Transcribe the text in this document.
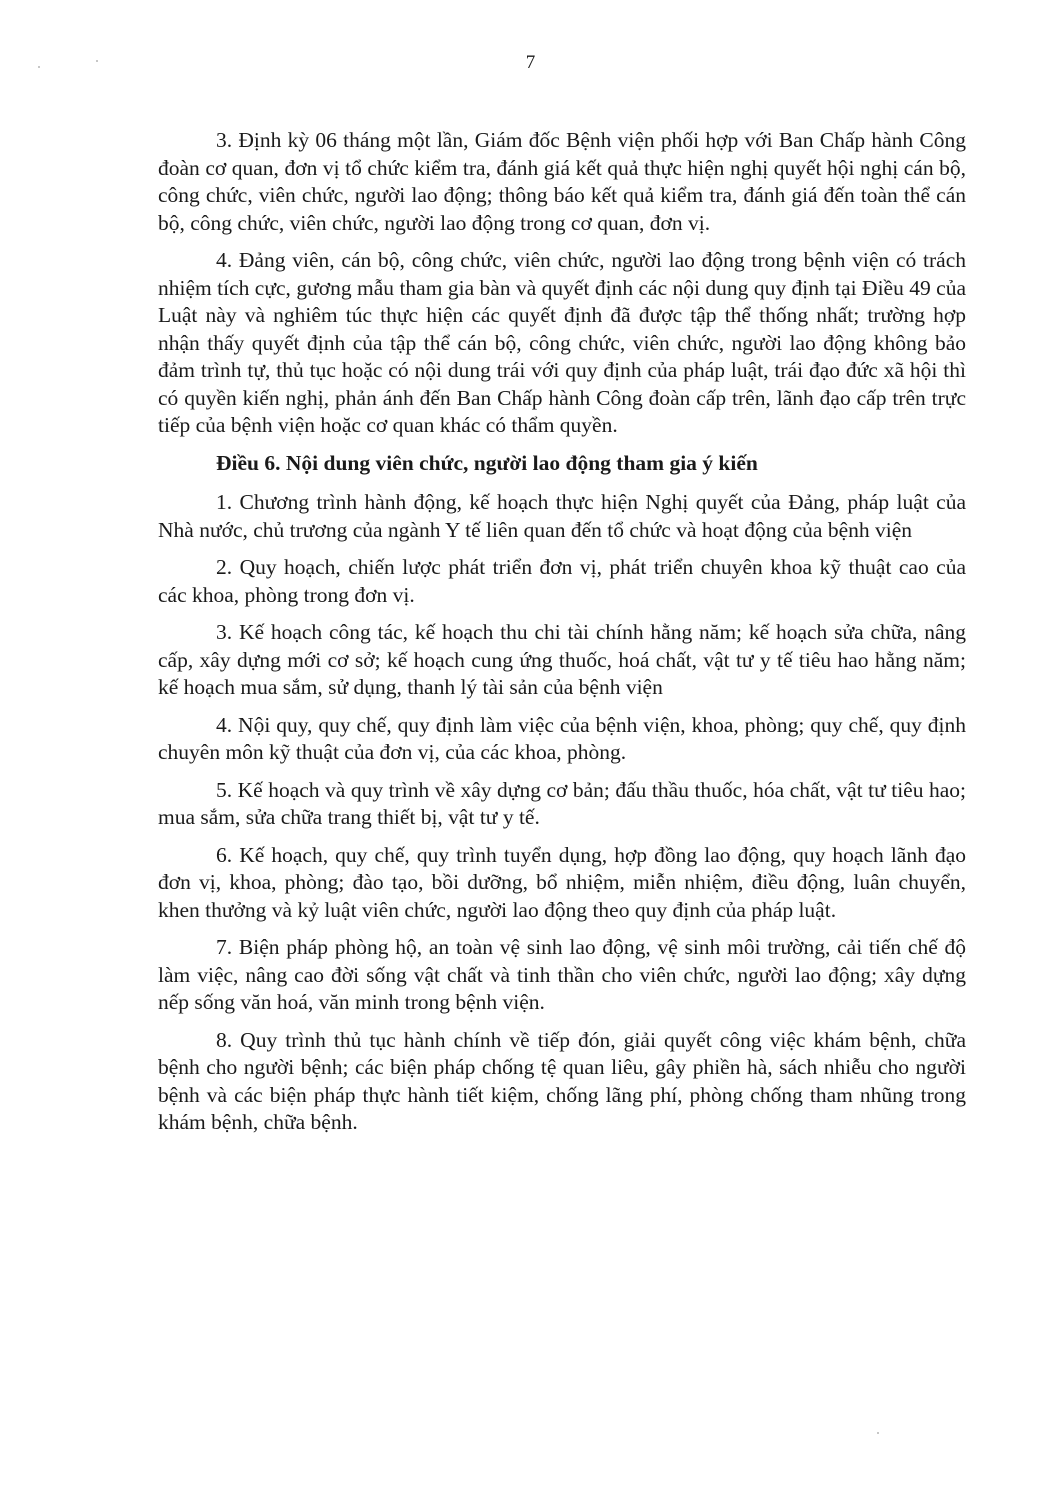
7

3. Định kỳ 06 tháng một lần, Giám đốc Bệnh viện phối hợp với Ban Chấp hành Công đoàn cơ quan, đơn vị tổ chức kiểm tra, đánh giá kết quả thực hiện nghị quyết hội nghị cán bộ, công chức, viên chức, người lao động; thông báo kết quả kiểm tra, đánh giá đến toàn thể cán bộ, công chức, viên chức, người lao động trong cơ quan, đơn vị.

4. Đảng viên, cán bộ, công chức, viên chức, người lao động trong bệnh viện có trách nhiệm tích cực, gương mẫu tham gia bàn và quyết định các nội dung quy định tại Điều 49 của Luật này và nghiêm túc thực hiện các quyết định đã được tập thể thống nhất; trường hợp nhận thấy quyết định của tập thể cán bộ, công chức, viên chức, người lao động không bảo đảm trình tự, thủ tục hoặc có nội dung trái với quy định của pháp luật, trái đạo đức xã hội thì có quyền kiến nghị, phản ánh đến Ban Chấp hành Công đoàn cấp trên, lãnh đạo cấp trên trực tiếp của bệnh viện hoặc cơ quan khác có thẩm quyền.

Điều 6. Nội dung viên chức, người lao động tham gia ý kiến

1. Chương trình hành động, kế hoạch thực hiện Nghị quyết của Đảng, pháp luật của Nhà nước, chủ trương của ngành Y tế liên quan đến tổ chức và hoạt động của bệnh viện

2. Quy hoạch, chiến lược phát triển đơn vị, phát triển chuyên khoa kỹ thuật cao của các khoa, phòng trong đơn vị.

3. Kế hoạch công tác, kế hoạch thu chi tài chính hằng năm; kế hoạch sửa chữa, nâng cấp, xây dựng mới cơ sở; kế hoạch cung ứng thuốc, hoá chất, vật tư y tế tiêu hao hằng năm; kế hoạch mua sắm, sử dụng, thanh lý tài sản của bệnh viện

4. Nội quy, quy chế, quy định làm việc của bệnh viện, khoa, phòng; quy chế, quy định chuyên môn kỹ thuật của đơn vị, của các khoa, phòng.

5. Kế hoạch và quy trình về xây dựng cơ bản; đấu thầu thuốc, hóa chất, vật tư tiêu hao; mua sắm, sửa chữa trang thiết bị, vật tư y tế.

6. Kế hoạch, quy chế, quy trình tuyển dụng, hợp đồng lao động, quy hoạch lãnh đạo đơn vị, khoa, phòng; đào tạo, bồi dưỡng, bổ nhiệm, miễn nhiệm, điều động, luân chuyển, khen thưởng và kỷ luật viên chức, người lao động theo quy định của pháp luật.

7. Biện pháp phòng hộ, an toàn vệ sinh lao động, vệ sinh môi trường, cải tiến chế độ làm việc, nâng cao đời sống vật chất và tinh thần cho viên chức, người lao động; xây dựng nếp sống văn hoá, văn minh trong bệnh viện.

8. Quy trình thủ tục hành chính về tiếp đón, giải quyết công việc khám bệnh, chữa bệnh cho người bệnh; các biện pháp chống tệ quan liêu, gây phiền hà, sách nhiễu cho người bệnh và các biện pháp thực hành tiết kiệm, chống lãng phí, phòng chống tham nhũng trong khám bệnh, chữa bệnh.
